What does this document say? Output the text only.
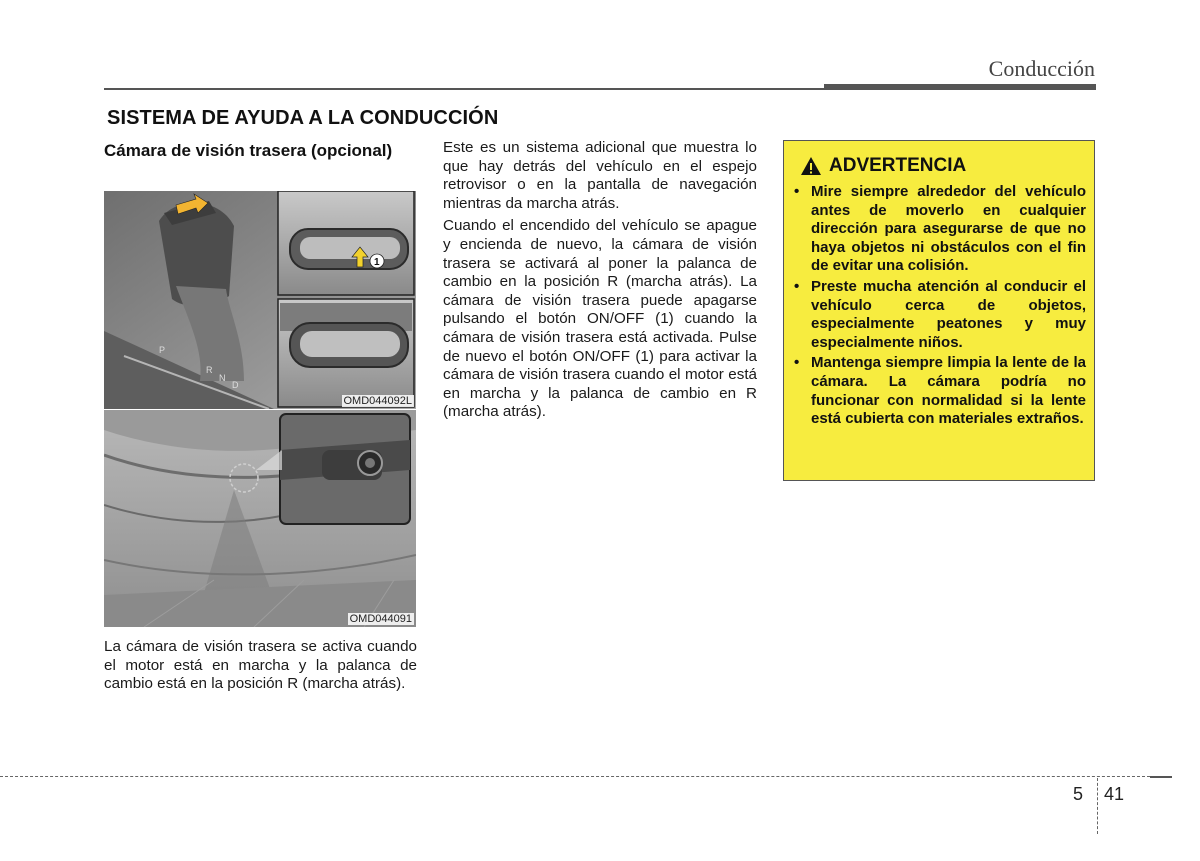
Conducción
SISTEMA DE AYUDA A LA CONDUCCIÓN
Cámara de visión trasera (opcional)
P
R
N
D
1
OMD044092L
OMD044091

La cámara de visión trasera se activa cuando el motor está en marcha y la palanca de cambio está en la posición R (marcha atrás).

Este es un sistema adicional que muestra lo que hay detrás del vehículo en el espejo retrovisor o en la pantalla de navegación mientras da marcha atrás.

Cuando el encendido del vehículo se apague y encienda de nuevo, la cámara de visión trasera se activará al poner la palanca de cambio en la posición R (marcha atrás). La cámara de visión trasera puede apagarse pulsando el botón ON/OFF (1) cuando la cámara de visión trasera está activada. Pulse de nuevo el botón ON/OFF (1) para activar la cámara de visión trasera cuando el motor está en marcha y la palanca de cambio en R (marcha atrás).

ADVERTENCIA
• Mire siempre alrededor del vehículo antes de moverlo en cualquier dirección para asegurarse de que no haya objetos ni obstáculos con el fin de evitar una colisión.
• Preste mucha atención al conducir el vehículo cerca de objetos, especialmente peatones y muy especialmente niños.
• Mantenga siempre limpia la lente de la cámara. La cámara podría no funcionar con normalidad si la lente está cubierta con materiales extraños.
5 41
